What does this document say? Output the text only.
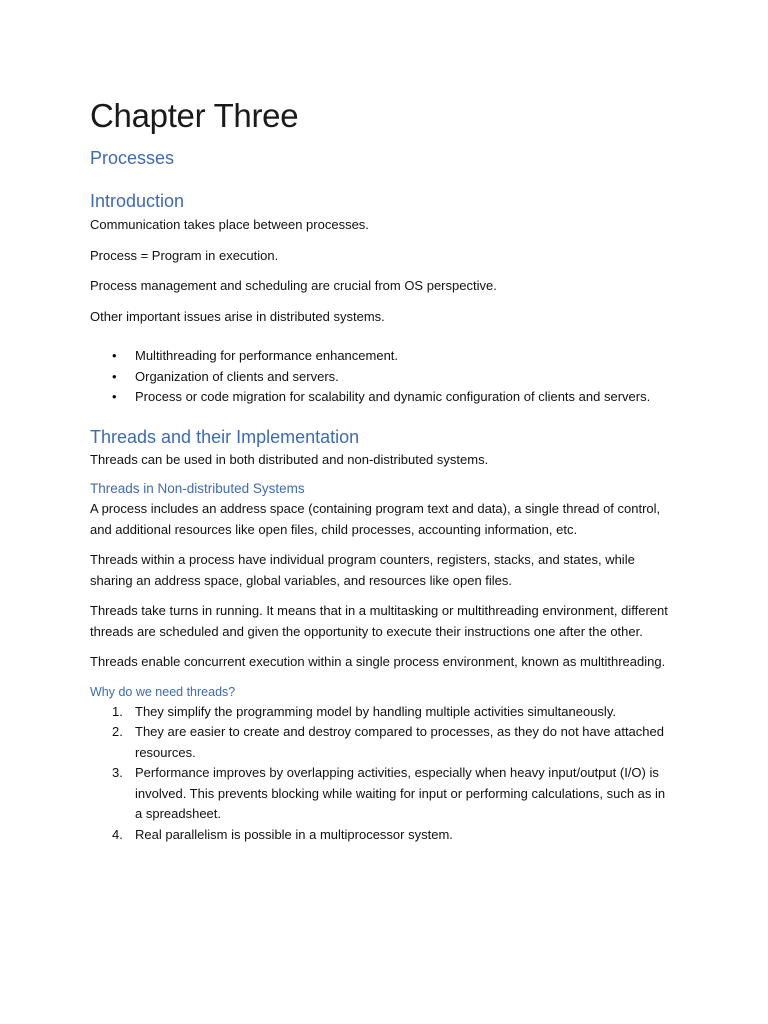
Chapter Three
Processes
Introduction

Communication takes place between processes.

Process = Program in execution.

Process management and scheduling are crucial from OS perspective.

Other important issues arise in distributed systems.

• Multithreading for performance enhancement.
• Organization of clients and servers.
• Process or code migration for scalability and dynamic configuration of clients and servers.
Threads and their Implementation

Threads can be used in both distributed and non-distributed systems.

Threads in Non-distributed Systems

A process includes an address space (containing program text and data), a single thread of control, and additional resources like open files, child processes, accounting information, etc.

Threads within a process have individual program counters, registers, stacks, and states, while sharing an address space, global variables, and resources like open files.

Threads take turns in running. It means that in a multitasking or multithreading environment, different threads are scheduled and given the opportunity to execute their instructions one after the other.

Threads enable concurrent execution within a single process environment, known as multithreading.

Why do we need threads?
1. They simplify the programming model by handling multiple activities simultaneously.
2. They are easier to create and destroy compared to processes, as they do not have attached resources.
3. Performance improves by overlapping activities, especially when heavy input/output (I/O) is involved. This prevents blocking while waiting for input or performing calculations, such as in a spreadsheet.
4. Real parallelism is possible in a multiprocessor system.
